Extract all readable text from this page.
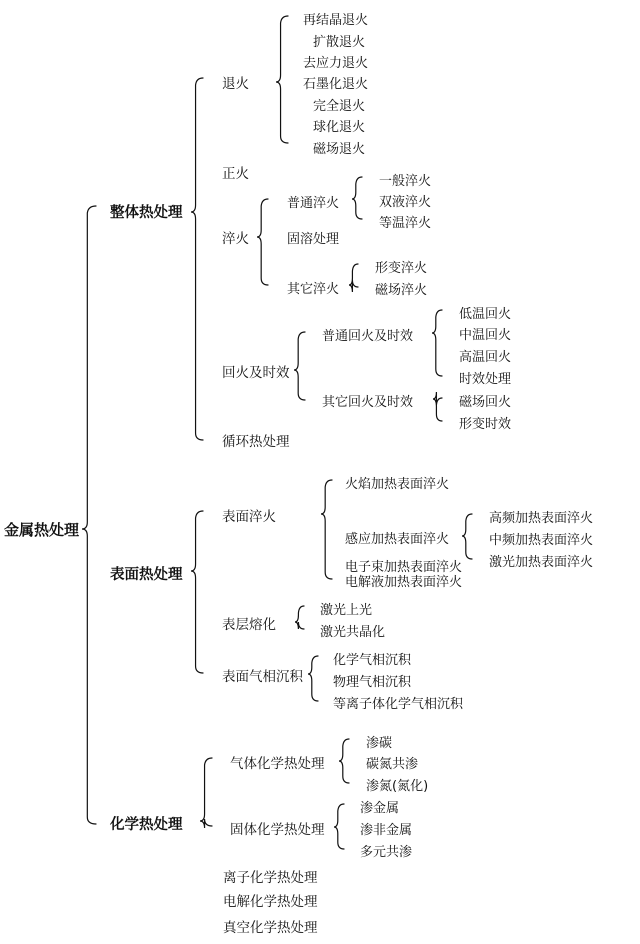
金属热处理
整体热处理
表面热处理
化学热处理
退火
正火
淬火
回火及时效
循环热处理
再结晶退火
扩散退火
去应力退火
石墨化退火
完全退火
球化退火
磁场退火
普通淬火
固溶处理
其它淬火
一般淬火
双液淬火
等温淬火
形变淬火
磁场淬火
普通回火及时效
其它回火及时效
低温回火
中温回火
高温回火
时效处理
磁场回火
形变时效
表面淬火
表层熔化
表面气相沉积
火焰加热表面淬火
感应加热表面淬火
电子束加热表面淬火
电解液加热表面淬火
高频加热表面淬火
中频加热表面淬火
激光加热表面淬火
激光上光
激光共晶化
化学气相沉积
物理气相沉积
等离子体化学气相沉积
气体化学热处理
固体化学热处理
离子化学热处理
电解化学热处理
真空化学热处理
渗碳
碳氮共渗
渗氮(氮化)
渗金属
渗非金属
多元共渗
